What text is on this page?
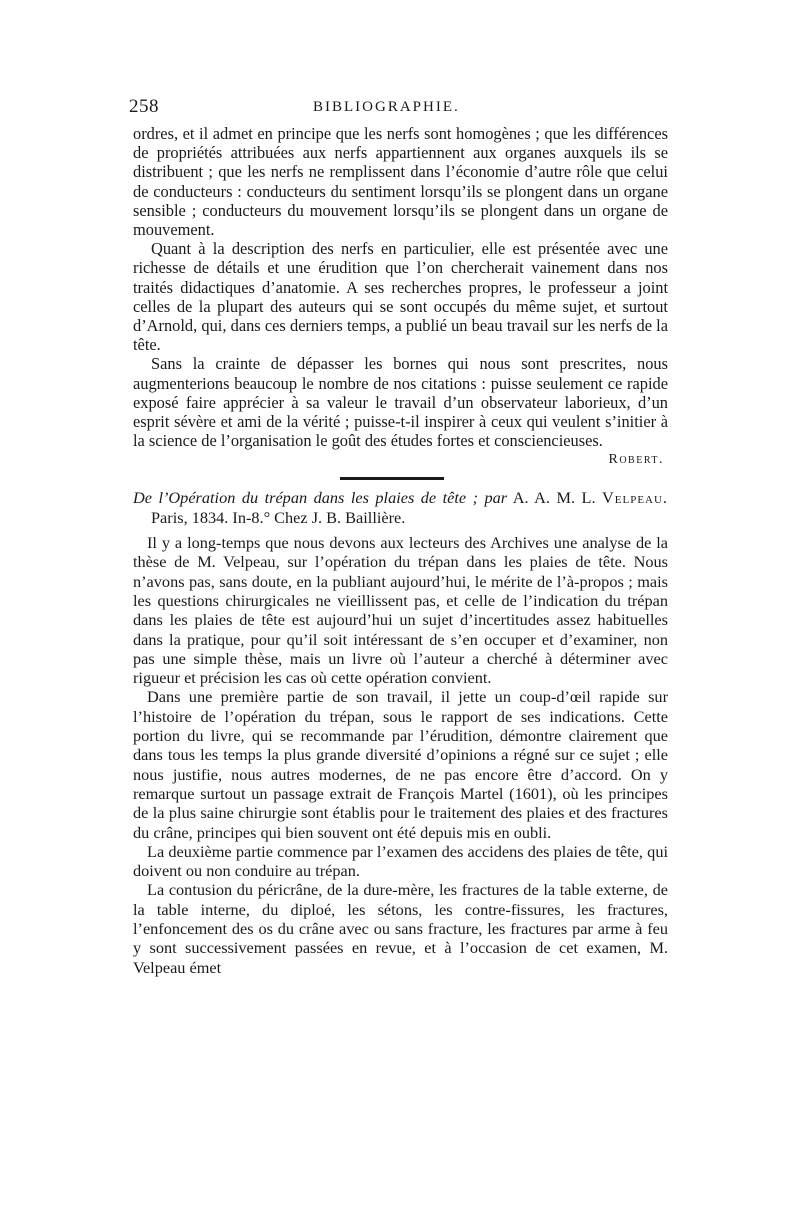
258	BIBLIOGRAPHIE.

ordres, et il admet en principe que les nerfs sont homogènes ; que les différences de propriétés attribuées aux nerfs appartiennent aux organes auxquels ils se distribuent ; que les nerfs ne remplissent dans l’économie d’autre rôle que celui de conducteurs : conducteurs du sentiment lorsqu’ils se plongent dans un organe sensible ; conducteurs du mouvement lorsqu’ils se plongent dans un organe de mouvement.

Quant à la description des nerfs en particulier, elle est présentée avec une richesse de détails et une érudition que l’on chercherait vainement dans nos traités didactiques d’anatomie. A ses recherches propres, le professeur a joint celles de la plupart des auteurs qui se sont occupés du même sujet, et surtout d’Arnold, qui, dans ces derniers temps, a publié un beau travail sur les nerfs de la tête.

Sans la crainte de dépasser les bornes qui nous sont prescrites, nous augmenterions beaucoup le nombre de nos citations : puisse seulement ce rapide exposé faire apprécier à sa valeur le travail d’un observateur laborieux, d’un esprit sévère et ami de la vérité ; puisse-t-il inspirer à ceux qui veulent s’initier à la science de l’organisation le goût des études fortes et consciencieuses.

Robert.

De l’Opération du trépan dans les plaies de tête ; par A. A. M. L. Velpeau. Paris, 1834. In-8.° Chez J. B. Baillière.

Il y a long-temps que nous devons aux lecteurs des Archives une analyse de la thèse de M. Velpeau, sur l’opération du trépan dans les plaies de tête. Nous n’avons pas, sans doute, en la publiant aujourd’hui, le mérite de l’à-propos ; mais les questions chirurgicales ne vieillissent pas, et celle de l’indication du trépan dans les plaies de tête est aujourd’hui un sujet d’incertitudes assez habituelles dans la pratique, pour qu’il soit intéressant de s’en occuper et d’examiner, non pas une simple thèse, mais un livre où l’auteur a cherché à déterminer avec rigueur et précision les cas où cette opération convient.

Dans une première partie de son travail, il jette un coup-d’œil rapide sur l’histoire de l’opération du trépan, sous le rapport de ses indications. Cette portion du livre, qui se recommande par l’érudition, démontre clairement que dans tous les temps la plus grande diversité d’opinions a régné sur ce sujet ; elle nous justifie, nous autres modernes, de ne pas encore être d’accord. On y remarque surtout un passage extrait de François Martel (1601), où les principes de la plus saine chirurgie sont établis pour le traitement des plaies et des fractures du crâne, principes qui bien souvent ont été depuis mis en oubli.

La deuxième partie commence par l’examen des accidens des plaies de tête, qui doivent ou non conduire au trépan.

La contusion du péricrâne, de la dure-mère, les fractures de la table externe, de la table interne, du diploé, les sétons, les contre-fissures, les fractures, l’enfoncement des os du crâne avec ou sans fracture, les fractures par arme à feu y sont successivement passées en revue, et à l’occasion de cet examen, M. Velpeau émet
